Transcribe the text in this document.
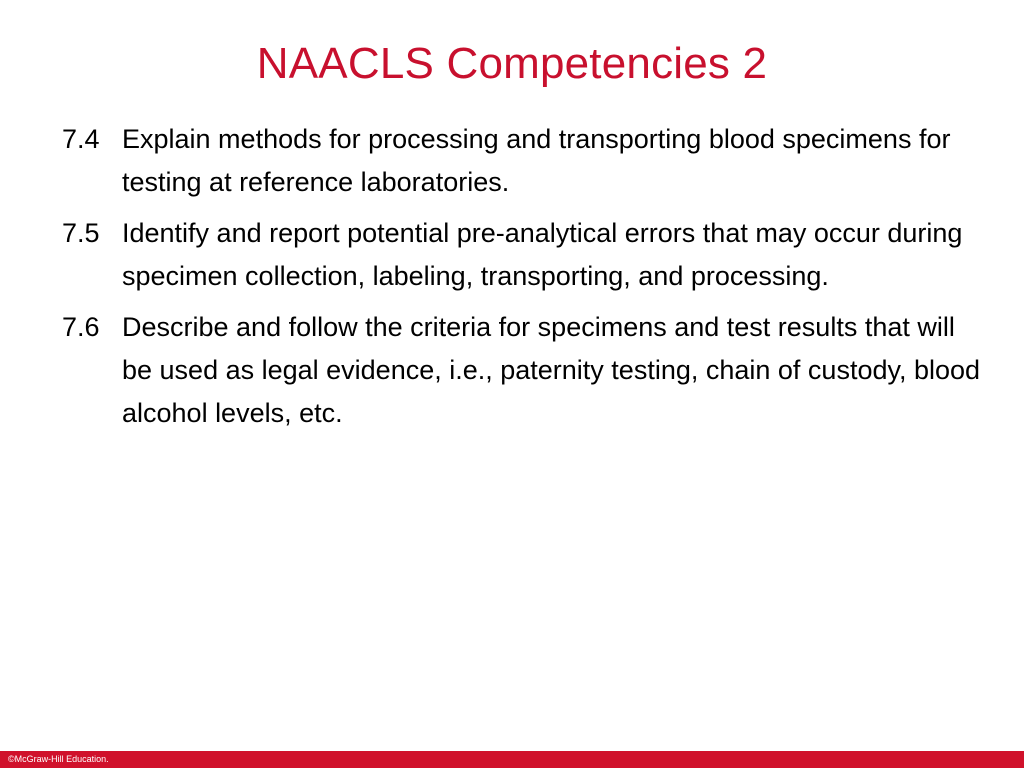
NAACLS Competencies 2
7.4 Explain methods for processing and transporting blood specimens for testing at reference laboratories.
7.5 Identify and report potential pre-analytical errors that may occur during specimen collection, labeling, transporting, and processing.
7.6 Describe and follow the criteria for specimens and test results that will be used as legal evidence, i.e., paternity testing, chain of custody, blood alcohol levels, etc.
©McGraw-Hill Education.
